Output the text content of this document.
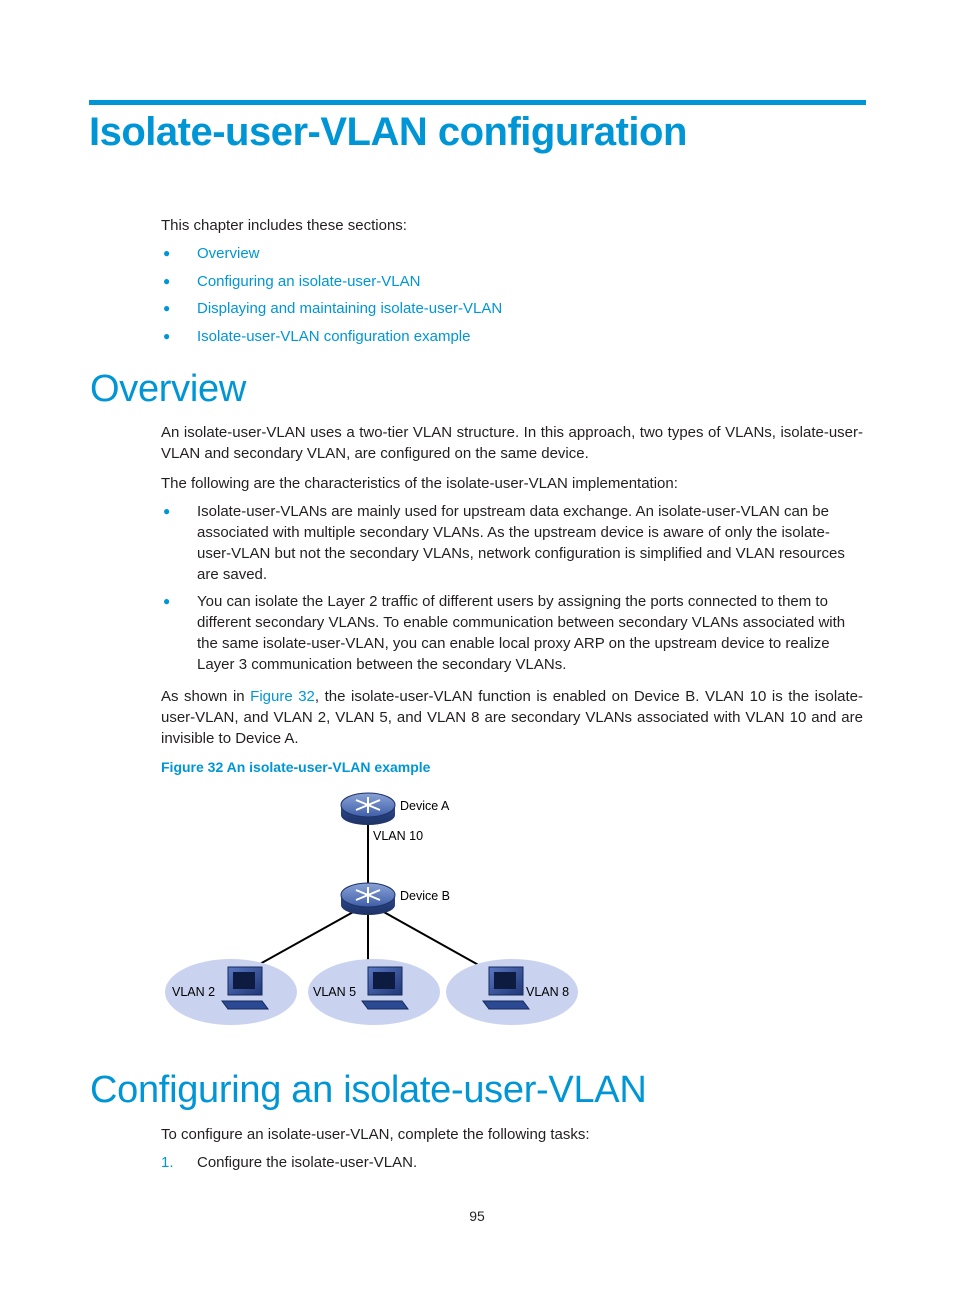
Isolate-user-VLAN configuration

This chapter includes these sections:

● Overview
● Configuring an isolate-user-VLAN
● Displaying and maintaining isolate-user-VLAN
● Isolate-user-VLAN configuration example
Overview

An isolate-user-VLAN uses a two-tier VLAN structure. In this approach, two types of VLANs, isolate-user-VLAN and secondary VLAN, are configured on the same device.

The following are the characteristics of the isolate-user-VLAN implementation:

● Isolate-user-VLANs are mainly used for upstream data exchange. An isolate-user-VLAN can be associated with multiple secondary VLANs. As the upstream device is aware of only the isolate-user-VLAN but not the secondary VLANs, network configuration is simplified and VLAN resources are saved.
● You can isolate the Layer 2 traffic of different users by assigning the ports connected to them to different secondary VLANs. To enable communication between secondary VLANs associated with the same isolate-user-VLAN, you can enable local proxy ARP on the upstream device to realize Layer 3 communication between the secondary VLANs.

As shown in Figure 32, the isolate-user-VLAN function is enabled on Device B. VLAN 10 is the isolate-user-VLAN, and VLAN 2, VLAN 5, and VLAN 8 are secondary VLANs associated with VLAN 10 and are invisible to Device A.

Figure 32 An isolate-user-VLAN example

Device A
VLAN 10
Device B
VLAN 2	VLAN 5	VLAN 8
Configuring an isolate-user-VLAN

To configure an isolate-user-VLAN, complete the following tasks:

1. Configure the isolate-user-VLAN.

95
